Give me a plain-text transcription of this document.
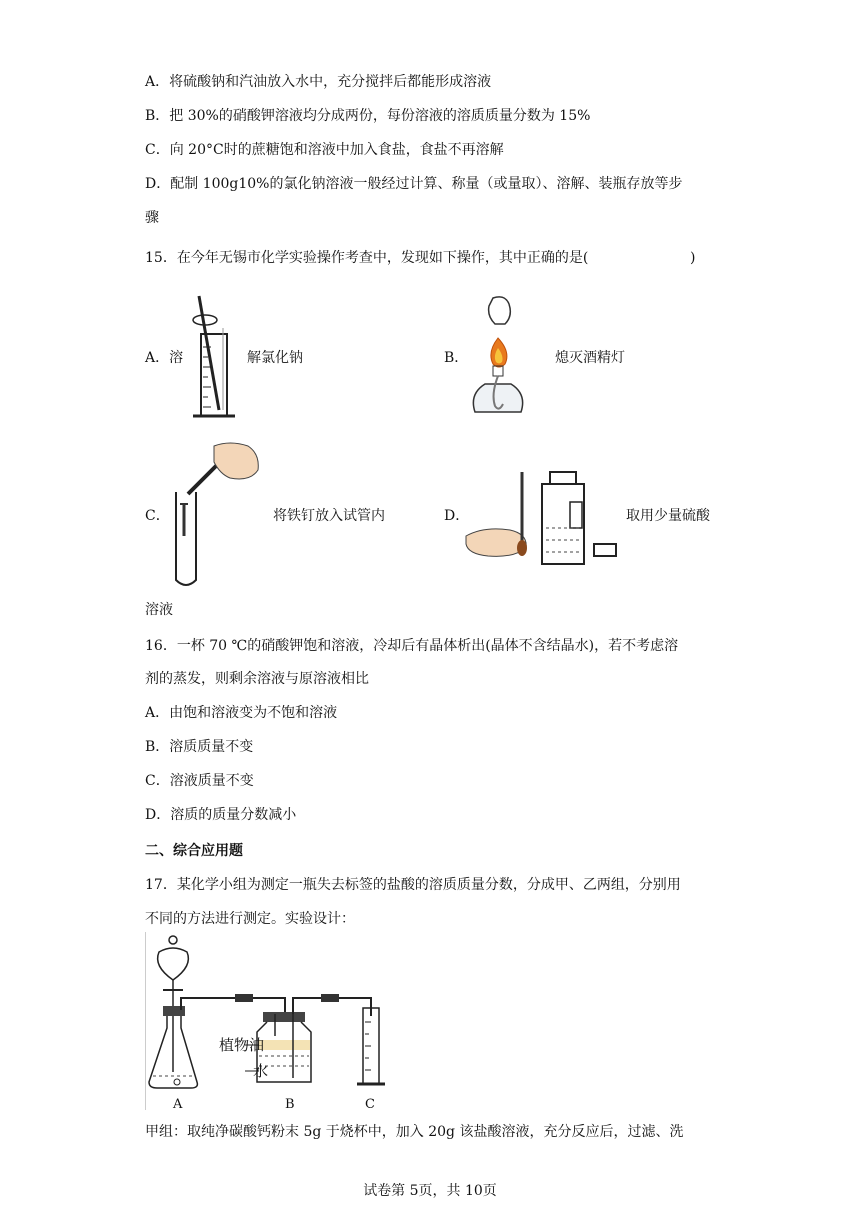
A．将硫酸钠和汽油放入水中，充分搅拌后都能形成溶液
B．把 30%的硝酸钾溶液均分成两份，每份溶液的溶质质量分数为 15%
C．向 20°C时的蔗糖饱和溶液中加入食盐，食盐不再溶解
D．配制 100g10%的氯化钠溶液一般经过计算、称量（或量取）、溶解、装瓶存放等步
骤
15．在今年无锡市化学实验操作考查中，发现如下操作，其中正确的是(	)
A．溶	解氯化钠	B．	熄灭酒精灯
C．	将铁钉放入试管内	D．	取用少量硫酸
溶液
16．一杯 70 ℃的硝酸钾饱和溶液，冷却后有晶体析出(晶体不含结晶水)，若不考虑溶
剂的蒸发，则剩余溶液与原溶液相比
A．由饱和溶液变为不饱和溶液
B．溶质质量不变
C．溶液质量不变
D．溶质的质量分数减小
二、综合应用题
17．某化学小组为测定一瓶失去标签的盐酸的溶质质量分数，分成甲、乙两组，分别用
不同的方法进行测定。实验设计：
植物油
水
A	B	C
甲组：取纯净碳酸钙粉末 5g 于烧杯中，加入 20g 该盐酸溶液，充分反应后，过滤、洗
试卷第 5页，共 10页
